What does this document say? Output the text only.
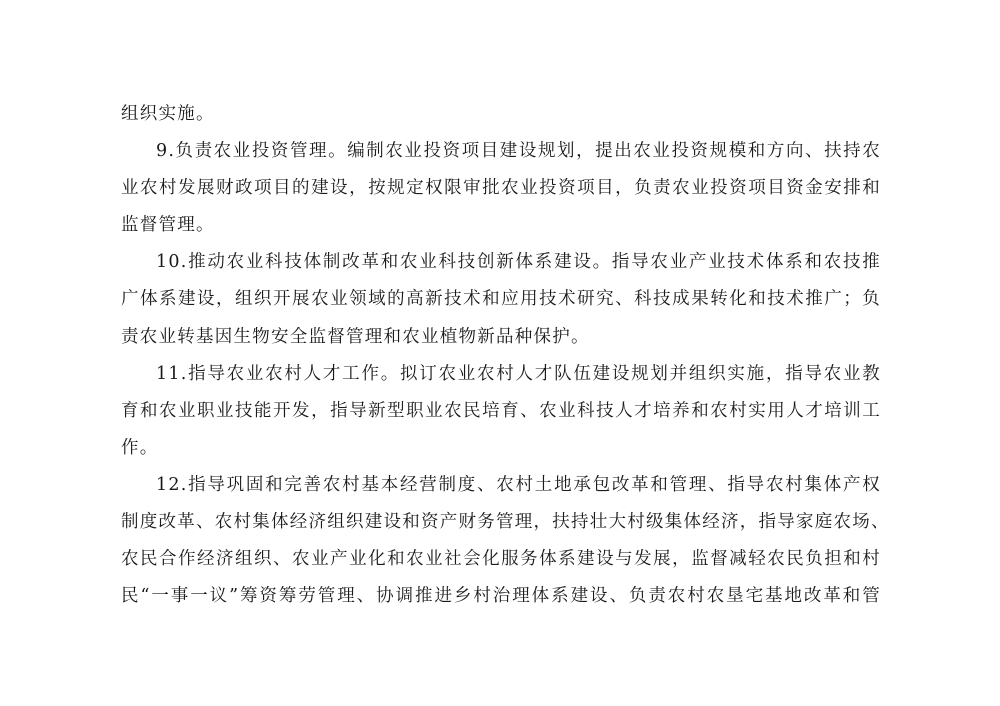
组织实施。
9.负责农业投资管理。编制农业投资项目建设规划，提出农业投资规模和方向、扶持农
业农村发展财政项目的建设，按规定权限审批农业投资项目，负责农业投资项目资金安排和
监督管理。
10.推动农业科技体制改革和农业科技创新体系建设。指导农业产业技术体系和农技推
广体系建设，组织开展农业领域的高新技术和应用技术研究、科技成果转化和技术推广；负
责农业转基因生物安全监督管理和农业植物新品种保护。
11.指导农业农村人才工作。拟订农业农村人才队伍建设规划并组织实施，指导农业教
育和农业职业技能开发，指导新型职业农民培育、农业科技人才培养和农村实用人才培训工
作。
12.指导巩固和完善农村基本经营制度、农村土地承包改革和管理、指导农村集体产权
制度改革、农村集体经济组织建设和资产财务管理，扶持壮大村级集体经济，指导家庭农场、
农民合作经济组织、农业产业化和农业社会化服务体系建设与发展，监督减轻农民负担和村
民“一事一议”筹资筹劳管理、协调推进乡村治理体系建设、负责农村农垦宅基地改革和管
